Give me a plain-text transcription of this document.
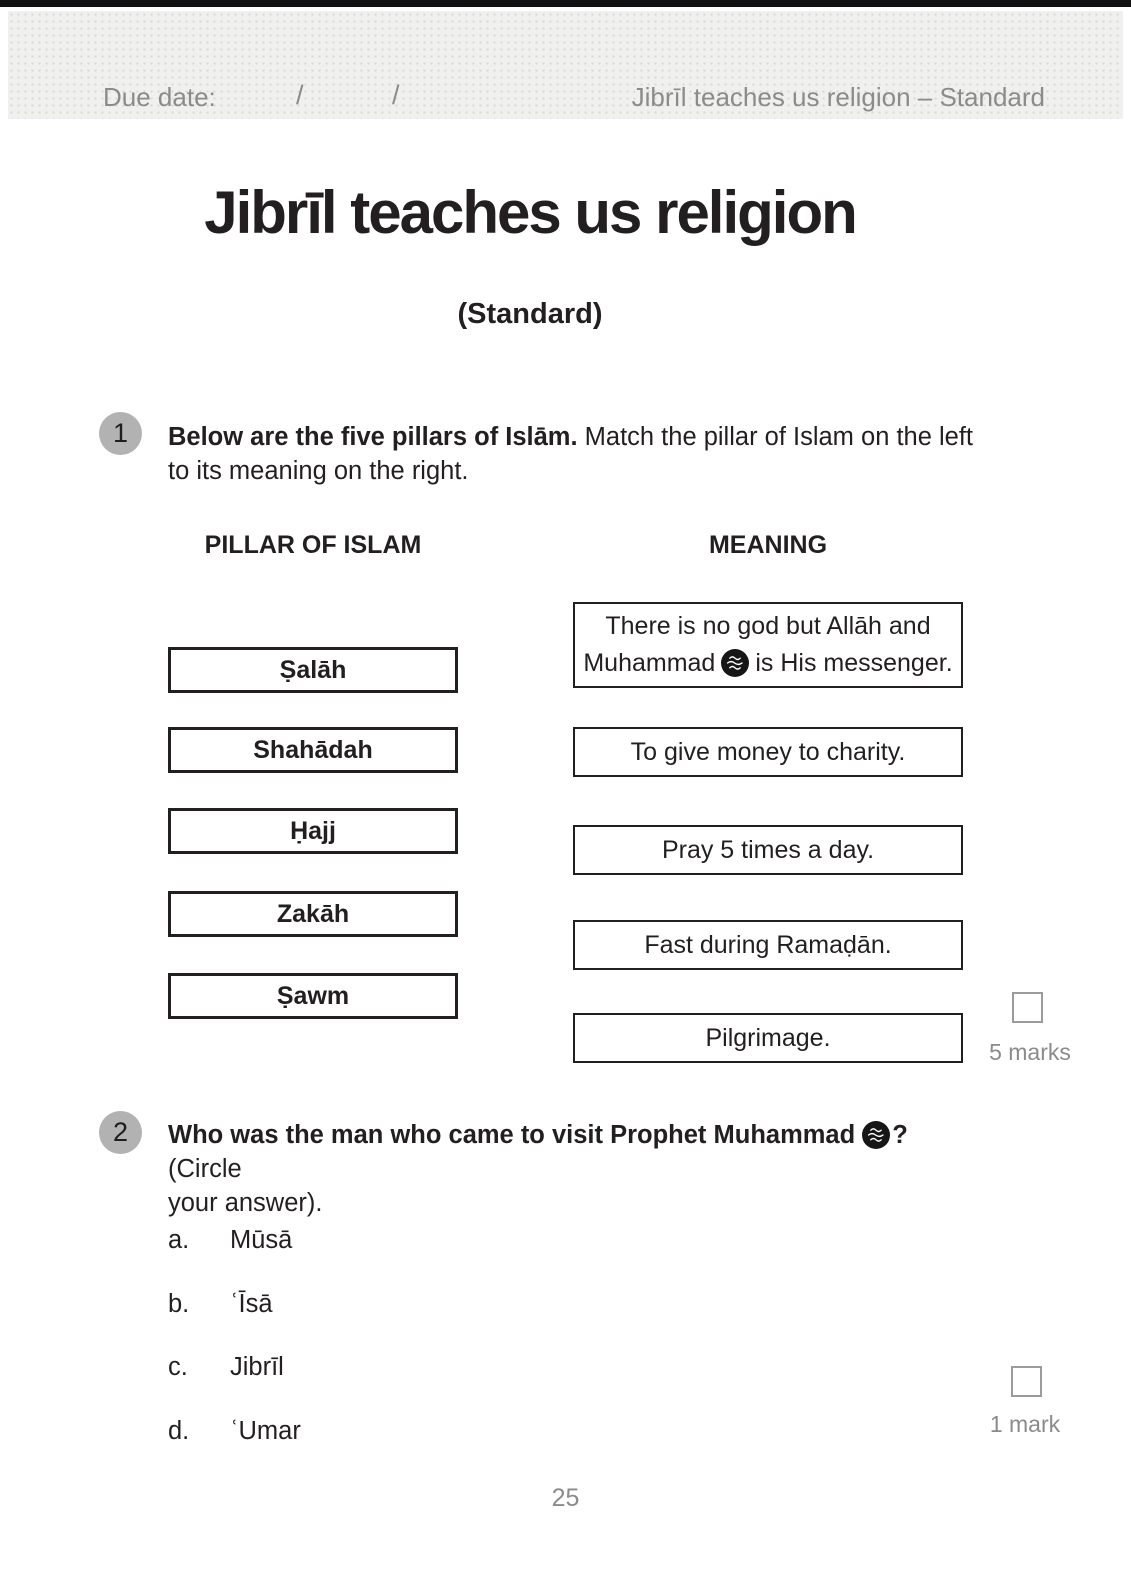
Due date:	/	/	Jibrīl teaches us religion – Standard
Jibrīl teaches us religion
(Standard)
1 Below are the five pillars of Islām. Match the pillar of Islam on the left
to its meaning on the right.
PILLAR OF ISLAM	MEANING
Ṣalāh
Shahādah
Ḥajj
Zakāh
Ṣawm
There is no god but Allāh and
Muhammad is His messenger.
To give money to charity.
Pray 5 times a day.
Fast during Ramaḍān.
Pilgrimage.
5 marks
2 Who was the man who came to visit Prophet Muhammad ? (Circle
your answer).
a. Mūsā
b. ʿĪsā
c. Jibrīl
d. ʿUmar	1 mark
25
